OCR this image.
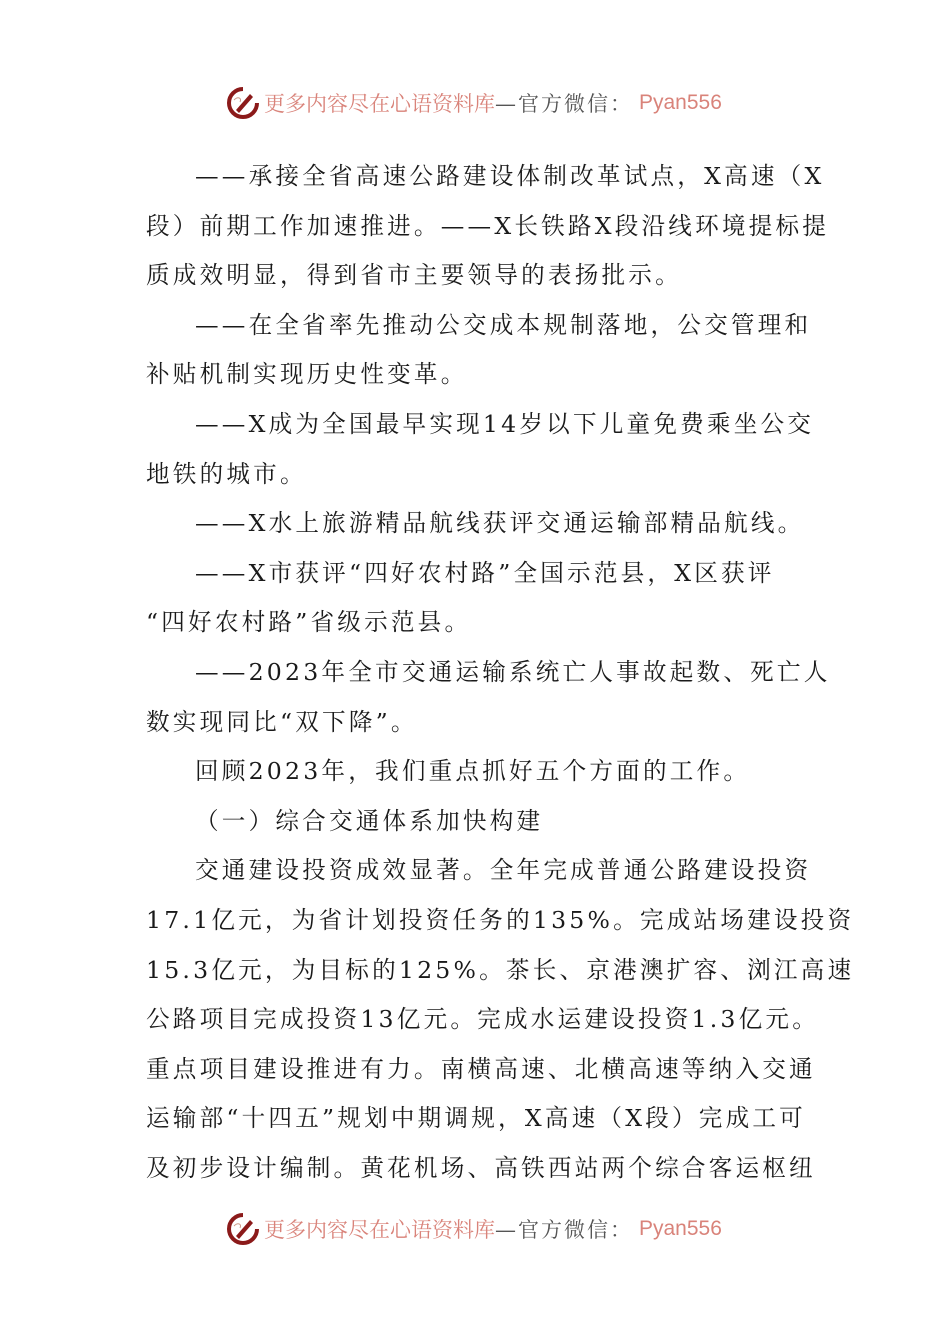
更多内容尽在心语资料库 —官方微信： Pyan556
——承接全省高速公路建设体制改革试点，X高速（X
段）前期工作加速推进。——X长铁路X段沿线环境提标提
质成效明显，得到省市主要领导的表扬批示。
——在全省率先推动公交成本规制落地，公交管理和
补贴机制实现历史性变革。
——X成为全国最早实现14岁以下儿童免费乘坐公交
地铁的城市。
——X水上旅游精品航线获评交通运输部精品航线。
——X市获评“四好农村路”全国示范县，X区获评
“四好农村路”省级示范县。
——2023年全市交通运输系统亡人事故起数、死亡人
数实现同比“双下降”。
回顾2023年，我们重点抓好五个方面的工作。
（一）综合交通体系加快构建
交通建设投资成效显著。全年完成普通公路建设投资
17.1亿元，为省计划投资任务的135%。完成站场建设投资
15.3亿元，为目标的125%。茶长、京港澳扩容、浏江高速
公路项目完成投资13亿元。完成水运建设投资1.3亿元。
重点项目建设推进有力。南横高速、北横高速等纳入交通
运输部“十四五”规划中期调规，X高速（X段）完成工可
及初步设计编制。黄花机场、高铁西站两个综合客运枢纽
更多内容尽在心语资料库 —官方微信： Pyan556
